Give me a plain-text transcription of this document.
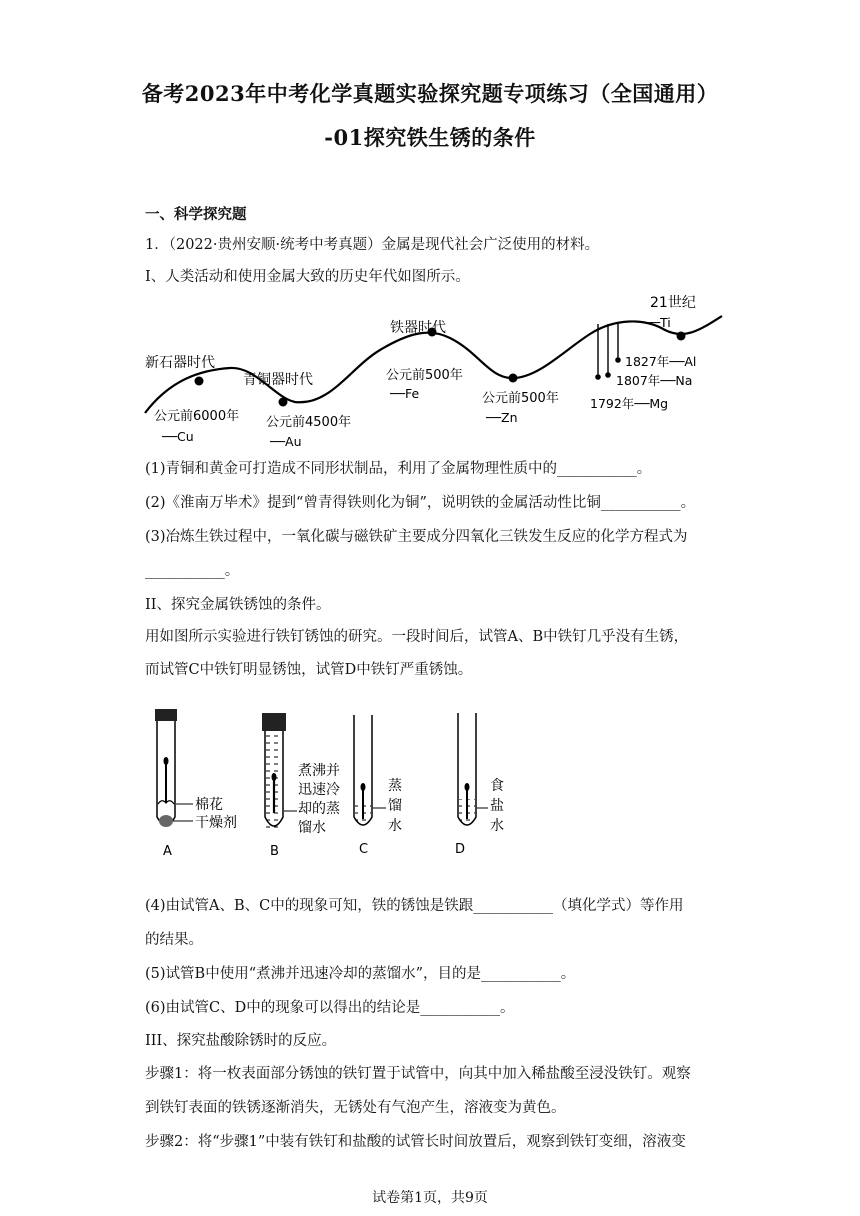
备考2023年中考化学真题实验探究题专项练习（全国通用）
-01探究铁生锈的条件
一、科学探究题
1．（2022·贵州安顺·统考中考真题）金属是现代社会广泛使用的材料。
I、人类活动和使用金属大致的历史年代如图所示。
新石器时代
青铜器时代
铁器时代
21世纪
公元前6000年
──Cu
公元前4500年
──Au
公元前500年
──Fe	公元前500年
──Zn
1827年──Al
1807年──Na
1792年──Mg
──Ti
(1)青铜和黄金可打造成不同形状制品，利用了金属物理性质中的___________。
(2)《淮南万毕术》提到“曾青得铁则化为铜”，说明铁的金属活动性比铜___________。
(3)冶炼生铁过程中，一氧化碳与磁铁矿主要成分四氧化三铁发生反应的化学方程式为
___________。
II、探究金属铁锈蚀的条件。
用如图所示实验进行铁钉锈蚀的研究。一段时间后，试管A、B中铁钉几乎没有生锈，
而试管C中铁钉明显锈蚀，试管D中铁钉严重锈蚀。
棉花
干燥剂
A
煮沸并
迅速冷
却的蒸
馏水
B
蒸
馏
水
C
食
盐
水
D
(4)由试管A、B、C中的现象可知，铁的锈蚀是铁跟___________（填化学式）等作用
的结果。
(5)试管B中使用“煮沸并迅速冷却的蒸馏水”，目的是___________。
(6)由试管C、D中的现象可以得出的结论是___________。
III、探究盐酸除锈时的反应。
步骤1：将一枚表面部分锈蚀的铁钉置于试管中，向其中加入稀盐酸至浸没铁钉。观察
到铁钉表面的铁锈逐渐消失，无锈处有气泡产生，溶液变为黄色。
步骤2：将“步骤1”中装有铁钉和盐酸的试管长时间放置后，观察到铁钉变细，溶液变
试卷第1页，共9页
